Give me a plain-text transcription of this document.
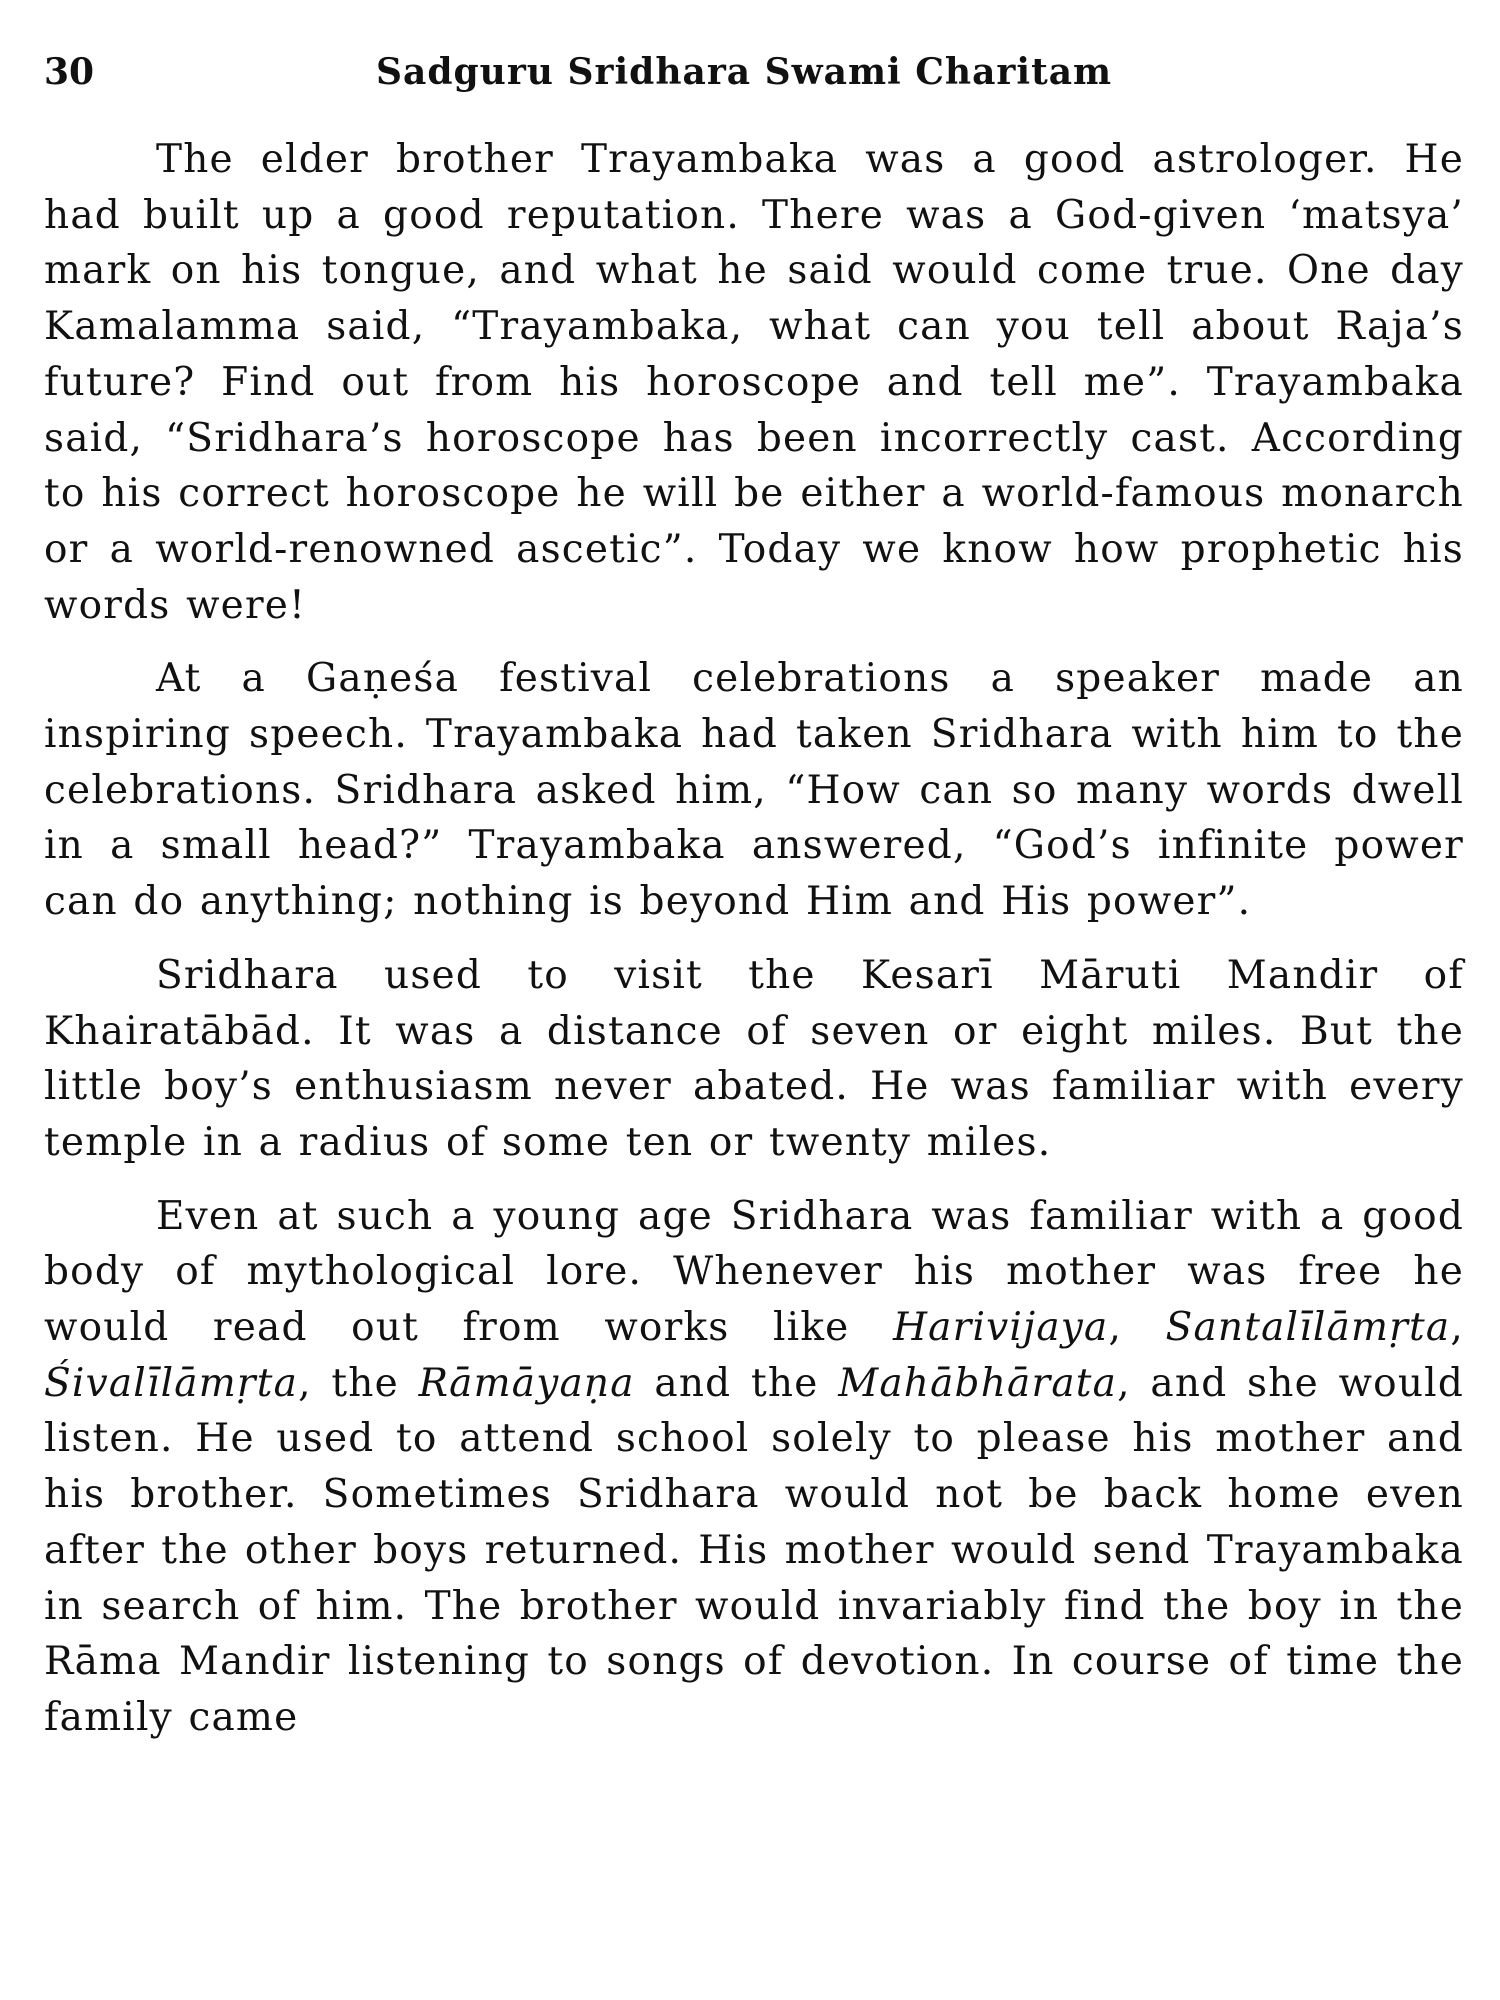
30	Sadguru Sridhara Swami Charitam

The elder brother Trayambaka was a good astrologer. He had built up a good reputation. There was a God-given ‘matsya’ mark on his tongue, and what he said would come true. One day Kamalamma said, “Trayambaka, what can you tell about Raja’s future? Find out from his horoscope and tell me”. Trayambaka said, “Sridhara’s horoscope has been incorrectly cast. According to his correct horoscope he will be either a world-famous monarch or a world-renowned ascetic”. Today we know how prophetic his words were!

At a Gaṇeśa festival celebrations a speaker made an inspiring speech. Trayambaka had taken Sridhara with him to the celebrations. Sridhara asked him, “How can so many words dwell in a small head?” Trayambaka answered, “God’s infinite power can do anything; nothing is beyond Him and His power”.

Sridhara used to visit the Kesarī Māruti Mandir of Khairatābād. It was a distance of seven or eight miles. But the little boy’s enthusiasm never abated. He was familiar with every temple in a radius of some ten or twenty miles.

Even at such a young age Sridhara was familiar with a good body of mythological lore. Whenever his mother was free he would read out from works like Harivijaya, Santalīlāmṛta, Śivalīlāmṛta, the Rāmāyaṇa and the Mahābhārata, and she would listen. He used to attend school solely to please his mother and his brother. Sometimes Sridhara would not be back home even after the other boys returned. His mother would send Trayambaka in search of him. The brother would invariably find the boy in the Rāma Mandir listening to songs of devotion. In course of time the family came
